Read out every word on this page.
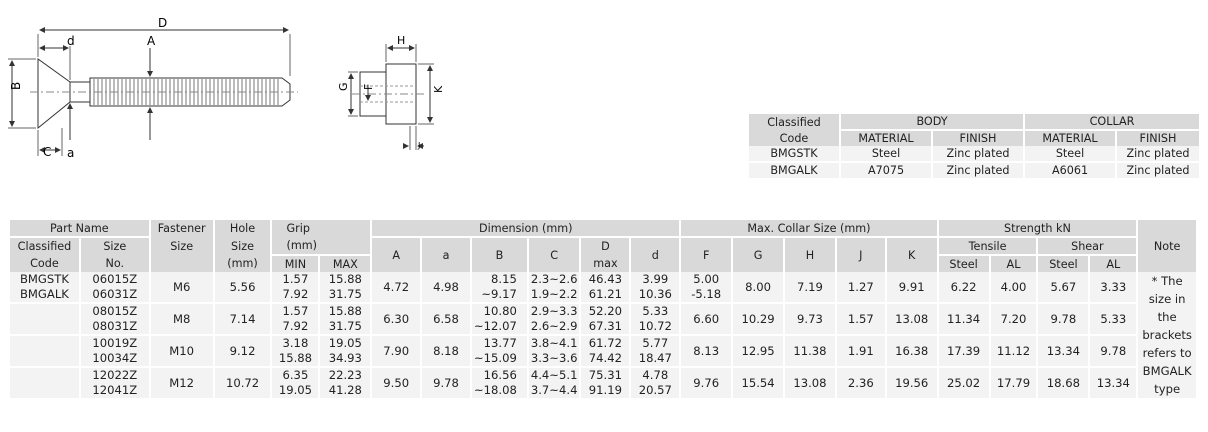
D
d	A
B
C a
H
G F	K
J
Classified	BODY		COLLAR	
Code	MATERIAL	FINISH	MATERIAL	FINISH
BMGSTK	Steel	Zinc plated	Steel	Zinc plated
BMGALK	A7075	Zinc plated	A6061	Zinc plated
Part Name		Fastener	Hole	Grip		Dimension (mm)						Max. Collar Size (mm)					Strength kN				Note
Classified	Size	Size	Size	(mm)		A	a	B	C	D	d	F	G	H	J	K	Tensile		Shear		
Code	No.		(mm)	MIN	MAX					max							Steel	AL	Steel	AL	
BMGSTK	06015Z	M6	5.56	1.57	15.88	4.72	4.98	8.15	2.3~2.6	46.43	3.99	5.00	8.00	7.19	1.27	9.91	6.22	4.00	5.67	3.33	* The size in the brackets refers to BMGALK type
BMGALK	06031Z			7.92	31.75			~9.17	1.9~2.2	61.21	10.36	-5.18									
	08015Z	M8	7.14	1.57	15.88	6.30	6.58	10.80	2.9~3.3	52.20	5.33	6.60	10.29	9.73	1.57	13.08	11.34	7.20	9.78	5.33	
	08031Z			7.92	31.75			~12.07	2.6~2.9	67.31	10.72										
	10019Z	M10	9.12	3.18	19.05	7.90	8.18	13.77	3.8~4.1	61.72	5.77	8.13	12.95	11.38	1.91	16.38	17.39	11.12	13.34	9.78	
	10034Z			15.88	34.93			~15.09	3.3~3.6	74.42	18.47										
	12022Z	M12	10.72	6.35	22.23	9.50	9.78	16.56	4.4~5.1	75.31	4.78	9.76	15.54	13.08	2.36	19.56	25.02	17.79	18.68	13.34	
	12041Z			19.05	41.28			~18.08	3.7~4.4	91.19	20.57										
